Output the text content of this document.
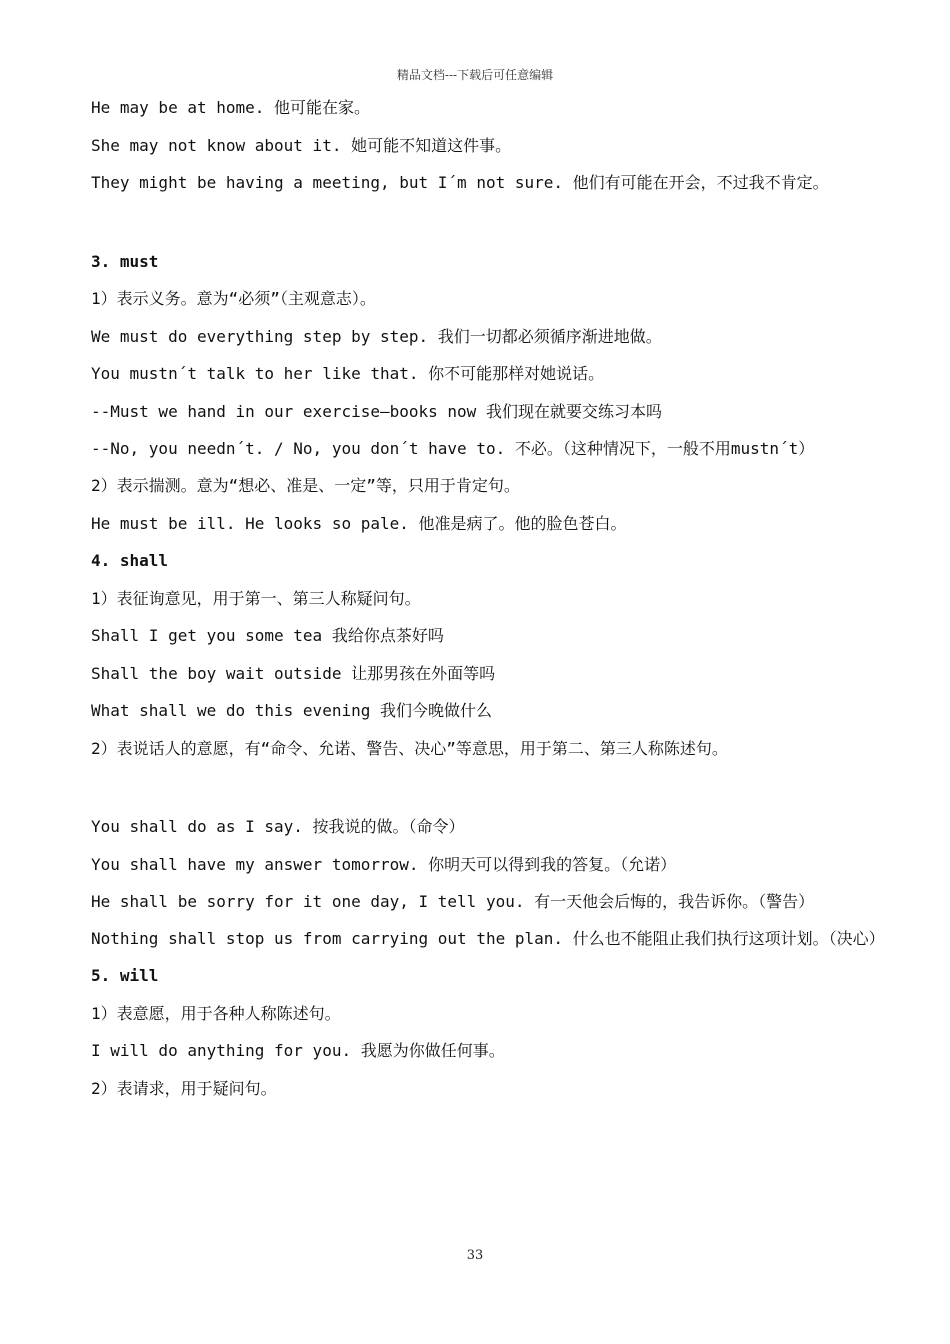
精品文档---下载后可任意编辑
He may be at home. 他可能在家。
She may not know about it. 她可能不知道这件事。
They might be having a meeting, but I´m not sure. 他们有可能在开会，不过我不肯定。
3. must
1）表示义务。意为“必须”（主观意志）。
We must do everything step by step. 我们一切都必须循序渐进地做。
You mustn´t talk to her like that. 你不可能那样对她说话。
--Must we hand in our exercise—books now 我们现在就要交练习本吗
--No, you needn´t. / No, you don´t have to. 不必。（这种情况下，一般不用mustn´t）
2）表示揣测。意为“想必、准是、一定”等，只用于肯定句。
He must be ill. He looks so pale. 他准是病了。他的脸色苍白。
4. shall
1）表征询意见，用于第一、第三人称疑问句。
Shall I get you some tea 我给你点茶好吗
Shall the boy wait outside 让那男孩在外面等吗
What shall we do this evening 我们今晚做什么
2）表说话人的意愿，有“命令、允诺、警告、决心”等意思，用于第二、第三人称陈述句。
You shall do as I say. 按我说的做。（命令）
You shall have my answer tomorrow. 你明天可以得到我的答复。（允诺）
He shall be sorry for it one day, I tell you. 有一天他会后悔的，我告诉你。（警告）
Nothing shall stop us from carrying out the plan. 什么也不能阻止我们执行这项计划。（决心）
5. will
1）表意愿，用于各种人称陈述句。
I will do anything for you. 我愿为你做任何事。
2）表请求，用于疑问句。
33
